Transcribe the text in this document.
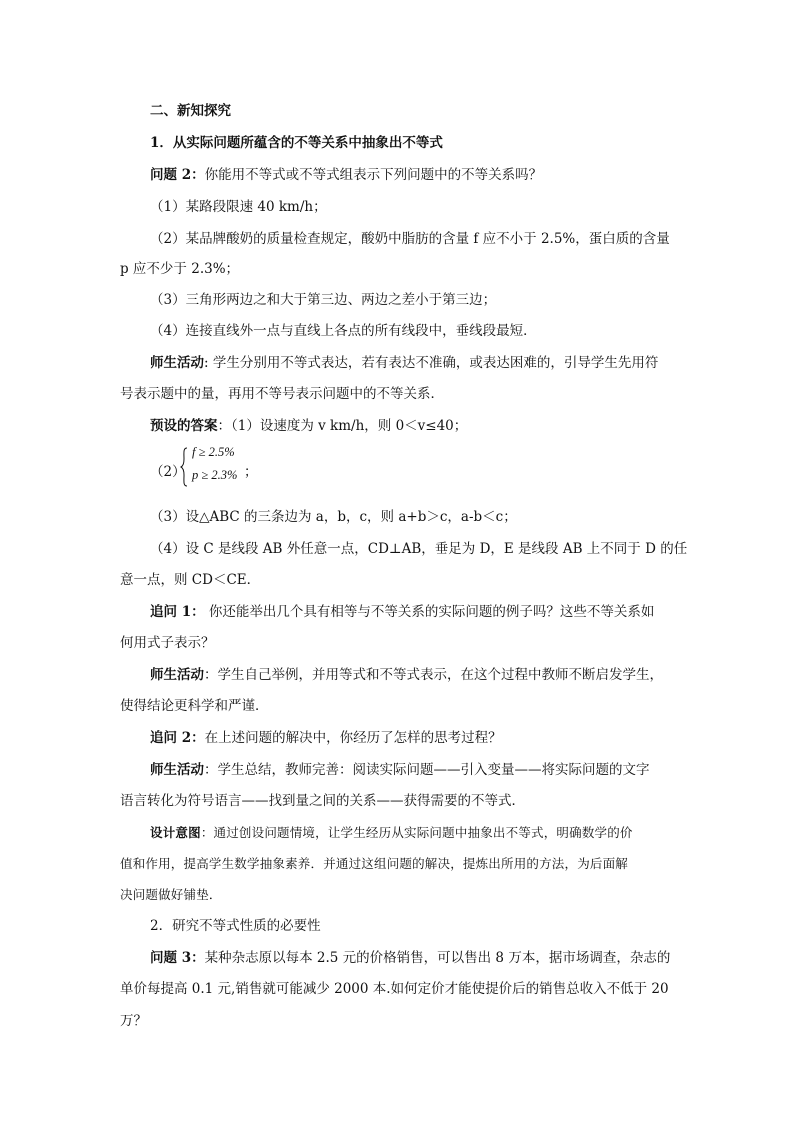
二、新知探究
1．从实际问题所蕴含的不等关系中抽象出不等式
问题 2：你能用不等式或不等式组表示下列问题中的不等关系吗？
（1）某路段限速 40 km/h；
（2）某品牌酸奶的质量检查规定，酸奶中脂肪的含量 f 应不小于 2.5%，蛋白质的含量
p 应不少于 2.3%；
（3）三角形两边之和大于第三边、两边之差小于第三边；
（4）连接直线外一点与直线上各点的所有线段中，垂线段最短．
师生活动: 学生分别用不等式表达，若有表达不准确，或表达困难的，引导学生先用符
号表示题中的量，再用不等号表示问题中的不等关系．
预设的答案：（1）设速度为 v km/h，则 0＜v≤40；
（2）
f ≥ 2.5%
p ≥ 2.3% ；
（3）设△ABC 的三条边为 a，b，c，则 a+b＞c，a-b＜c；
（4）设 C 是线段 AB 外任意一点，CD⊥AB，垂足为 D，E 是线段 AB 上不同于 D 的任
意一点，则 CD＜CE．
追问 1： 你还能举出几个具有相等与不等关系的实际问题的例子吗？这些不等关系如
何用式子表示？
师生活动：学生自己举例，并用等式和不等式表示，在这个过程中教师不断启发学生，
使得结论更科学和严谨．
追问 2：在上述问题的解决中，你经历了怎样的思考过程？
师生活动：学生总结，教师完善：阅读实际问题——引入变量——将实际问题的文字
语言转化为符号语言——找到量之间的关系——获得需要的不等式．
设计意图：通过创设问题情境，让学生经历从实际问题中抽象出不等式，明确数学的价
值和作用，提高学生数学抽象素养．并通过这组问题的解决，提炼出所用的方法，为后面解
决问题做好铺垫．
2．研究不等式性质的必要性
问题 3：某种杂志原以每本 2.5 元的价格销售，可以售出 8 万本，据市场调查，杂志的
单价每提高 0.1 元,销售就可能减少 2000 本.如何定价才能使提价后的销售总收入不低于 20
万？
